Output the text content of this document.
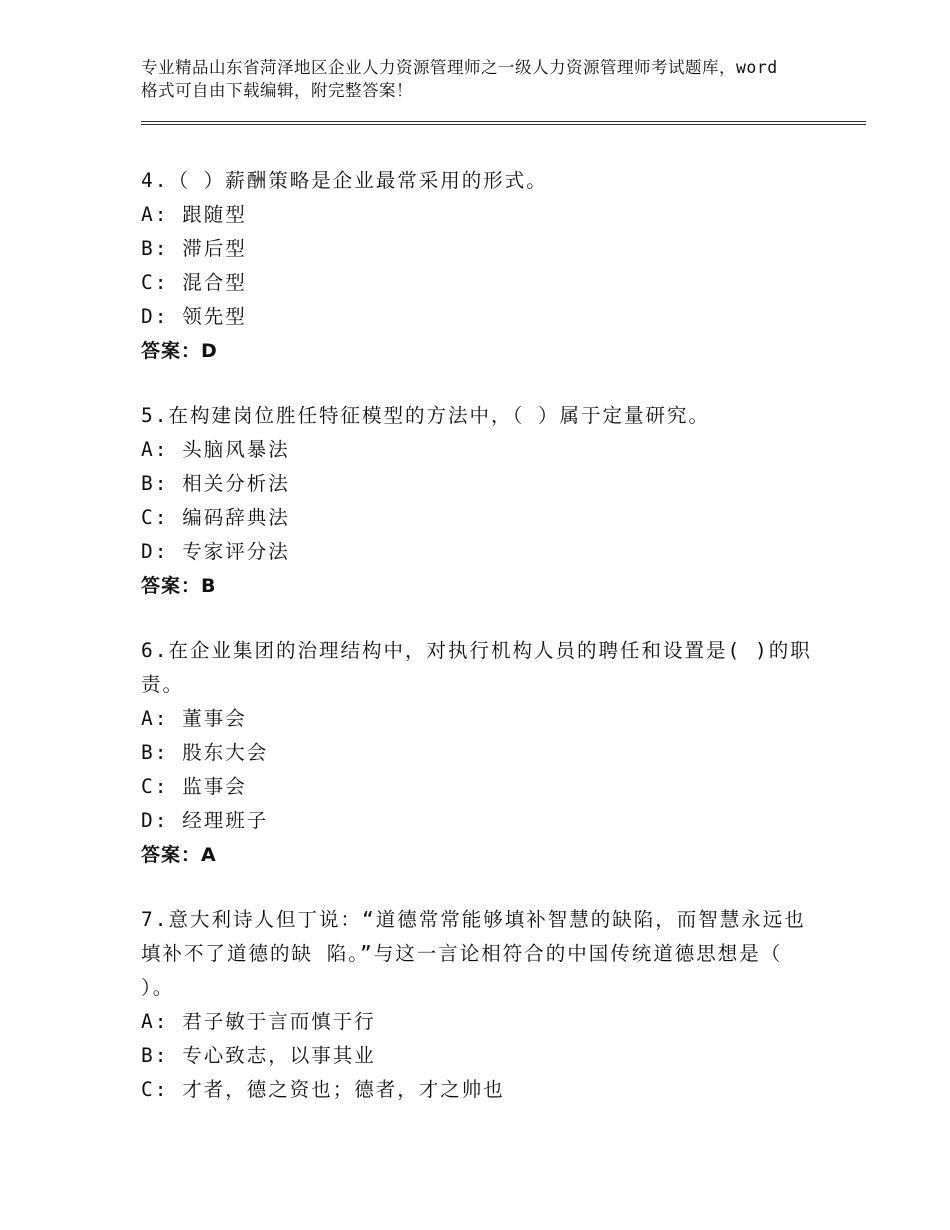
专业精品山东省菏泽地区企业人力资源管理师之一级人力资源管理师考试题库，word格式可自由下载编辑，附完整答案！
4.（ ）薪酬策略是企业最常采用的形式。
A: 跟随型
B: 滞后型
C: 混合型
D: 领先型
答案：D
5.在构建岗位胜任特征模型的方法中，（ ）属于定量研究。
A: 头脑风暴法
B: 相关分析法
C: 编码辞典法
D: 专家评分法
答案：B
6.在企业集团的治理结构中，对执行机构人员的聘任和设置是( )的职责。
A: 董事会
B: 股东大会
C: 监事会
D: 经理班子
答案：A
7.意大利诗人但丁说：“道德常常能够填补智慧的缺陷，而智慧永远也填补不了道德的缺 陷。”与这一言论相符合的中国传统道德思想是（ ）。
A: 君子敏于言而慎于行
B: 专心致志，以事其业
C: 才者，德之资也；德者，才之帅也
